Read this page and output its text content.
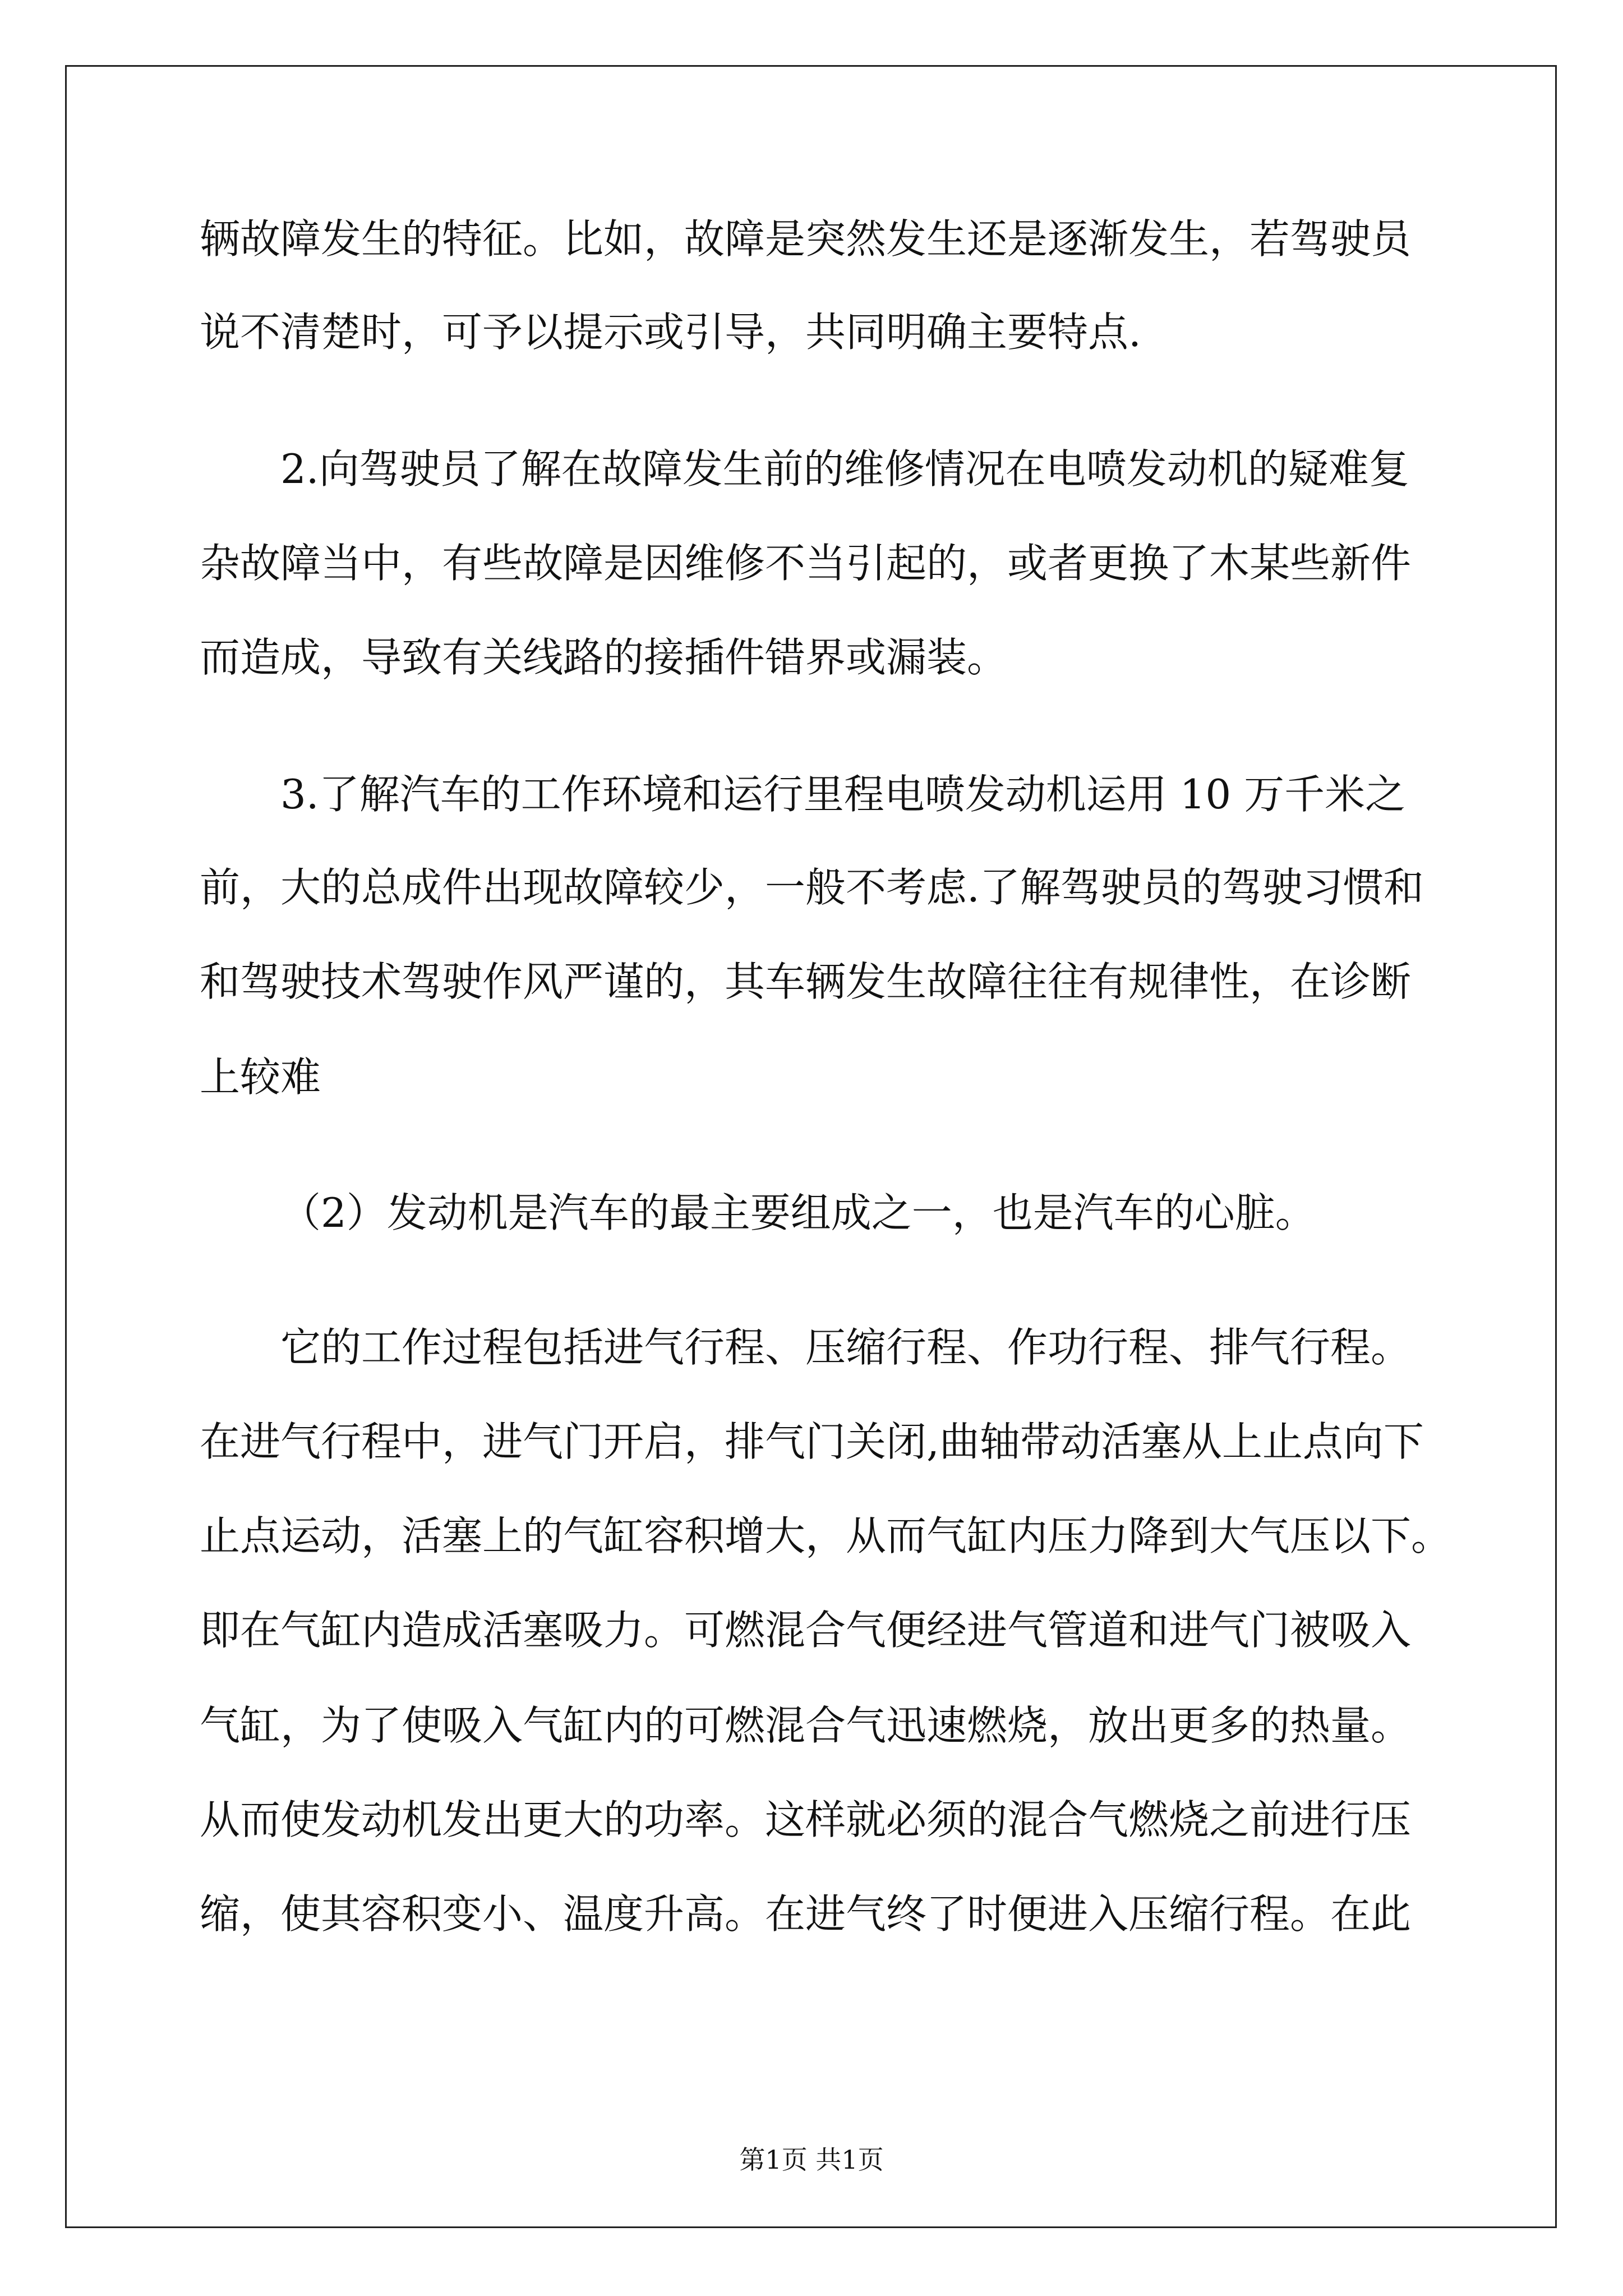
辆故障发生的特征。比如，故障是突然发生还是逐渐发生，若驾驶员
说不清楚时，可予以提示或引导，共同明确主要特点.
2.向驾驶员了解在故障发生前的维修情况在电喷发动机的疑难复
杂故障当中，有些故障是因维修不当引起的，或者更换了木某些新件
而造成，导致有关线路的接插件错界或漏装。
3.了解汽车的工作环境和运行里程电喷发动机运用 10 万千米之
前，大的总成件出现故障较少，一般不考虑.了解驾驶员的驾驶习惯和
和驾驶技术驾驶作风严谨的，其车辆发生故障往往有规律性，在诊断
上较难
（2）发动机是汽车的最主要组成之一，也是汽车的心脏。
它的工作过程包括进气行程、压缩行程、作功行程、排气行程。
在进气行程中，进气门开启，排气门关闭,曲轴带动活塞从上止点向下
止点运动，活塞上的气缸容积增大，从而气缸内压力降到大气压以下。
即在气缸内造成活塞吸力。可燃混合气便经进气管道和进气门被吸入
气缸，为了使吸入气缸内的可燃混合气迅速燃烧，放出更多的热量。
从而使发动机发出更大的功率。这样就必须的混合气燃烧之前进行压
缩，使其容积变小、温度升高。在进气终了时便进入压缩行程。在此
第1页 共1页
